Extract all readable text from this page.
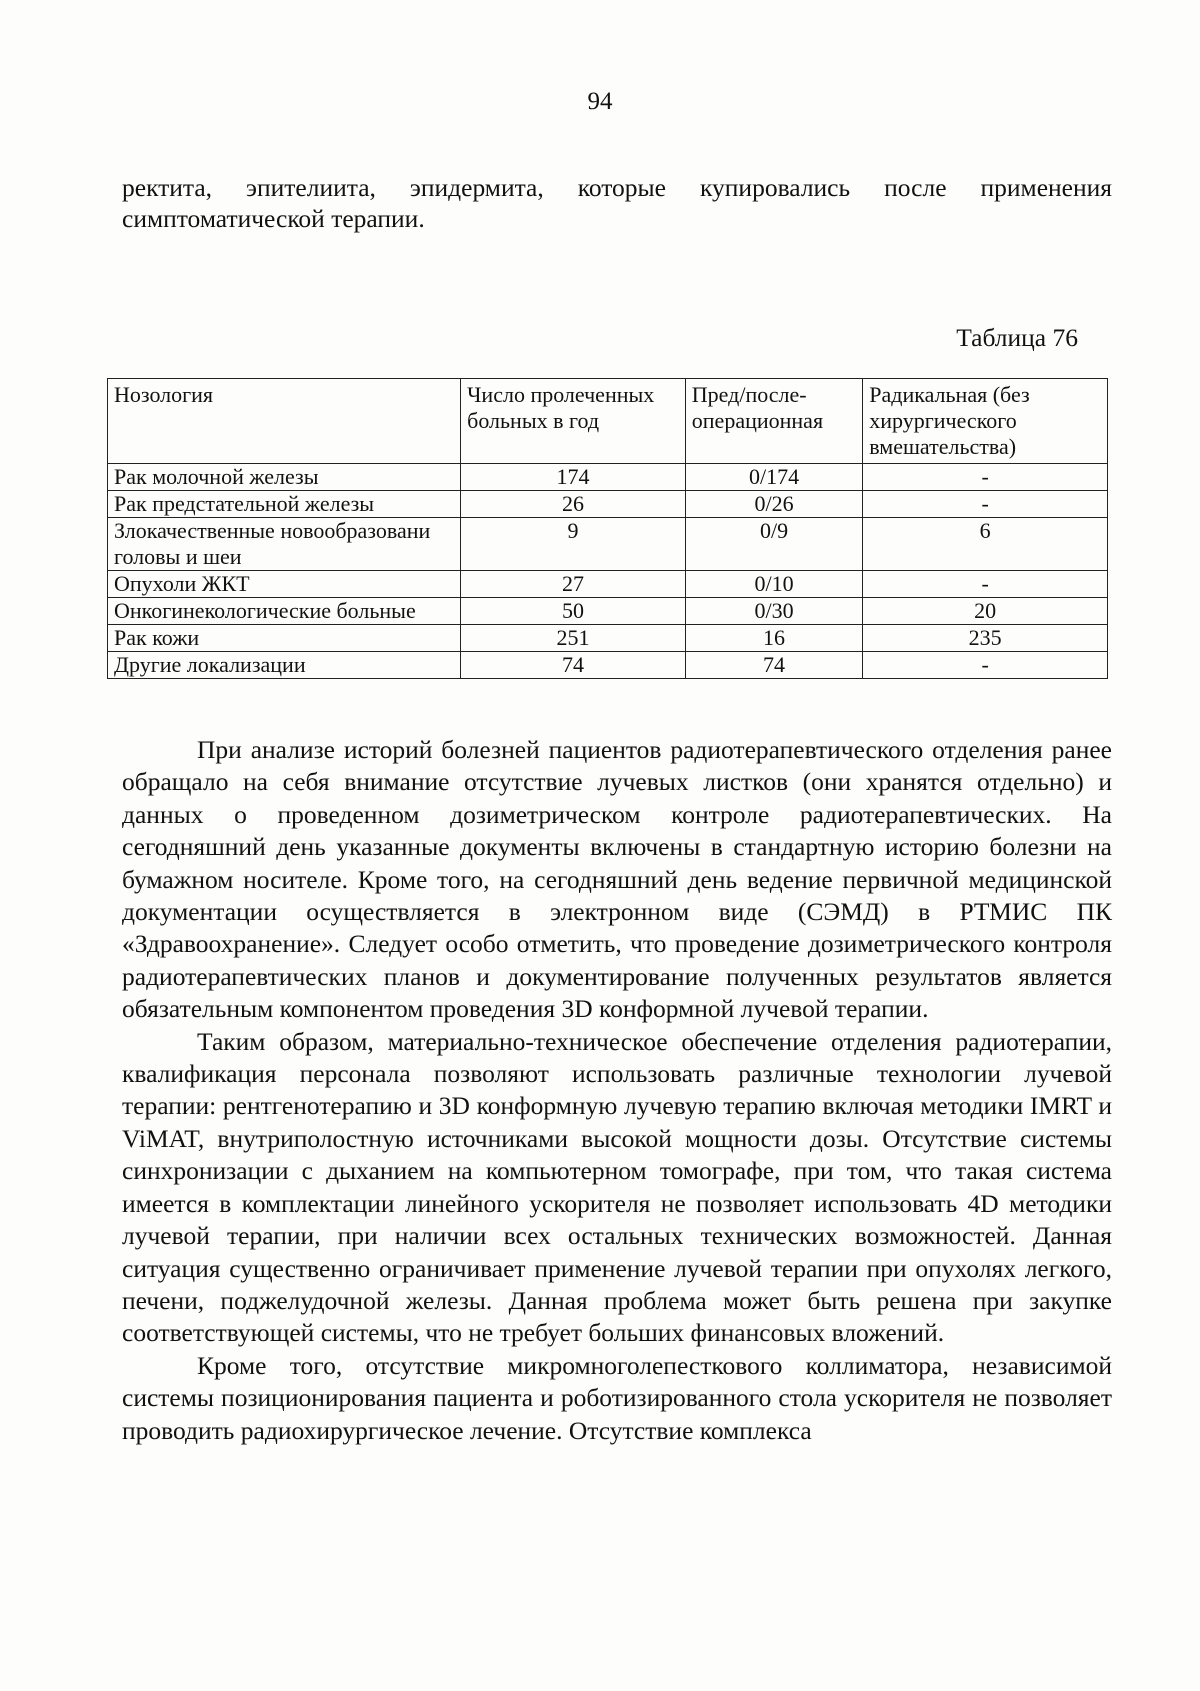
94
ректита, эпителиита, эпидермита, которые купировались после применения симптоматической терапии.
Таблица 76
Нозология	Число пролеченных больных в год	Пред/после-операционная	Радикальная (без хирургического вмешательства)
Рак молочной железы	174	0/174	-
Рак предстательной железы	26	0/26	-
Злокачественные новообразовани головы и шеи	9	0/9	6
Опухоли ЖКТ	27	0/10	-
Онкогинекологические больные	50	0/30	20
Рак кожи	251	16	235
Другие локализации	74	74	-

При анализе историй болезней пациентов радиотерапевтического отделения ранее обращало на себя внимание отсутствие лучевых листков (они хранятся отдельно) и данных о проведенном дозиметрическом контроле радиотерапевтических. На сегодняшний день указанные документы включены в стандартную историю болезни на бумажном носителе. Кроме того, на сегодняшний день ведение первичной медицинской документации осуществляется в электронном виде (СЭМД) в РТМИС ПК «Здравоохранение». Следует особо отметить, что проведение дозиметрического контроля радиотерапевтических планов и документирование полученных результатов является обязательным компонентом проведения 3D конформной лучевой терапии.

Таким образом, материально-техническое обеспечение отделения радиотерапии, квалификация персонала позволяют использовать различные технологии лучевой терапии: рентгенотерапию и 3D конформную лучевую терапию включая методики IMRT и ViMAT, внутриполостную источниками высокой мощности дозы. Отсутствие системы синхронизации с дыханием на компьютерном томографе, при том, что такая система имеется в комплектации линейного ускорителя не позволяет использовать 4D методики лучевой терапии, при наличии всех остальных технических возможностей. Данная ситуация существенно ограничивает применение лучевой терапии при опухолях легкого, печени, поджелудочной железы. Данная проблема может быть решена при закупке соответствующей системы, что не требует больших финансовых вложений.

Кроме того, отсутствие микромноголепесткового коллиматора, независимой системы позиционирования пациента и роботизированного стола ускорителя не позволяет проводить радиохирургическое лечение. Отсутствие комплекса
